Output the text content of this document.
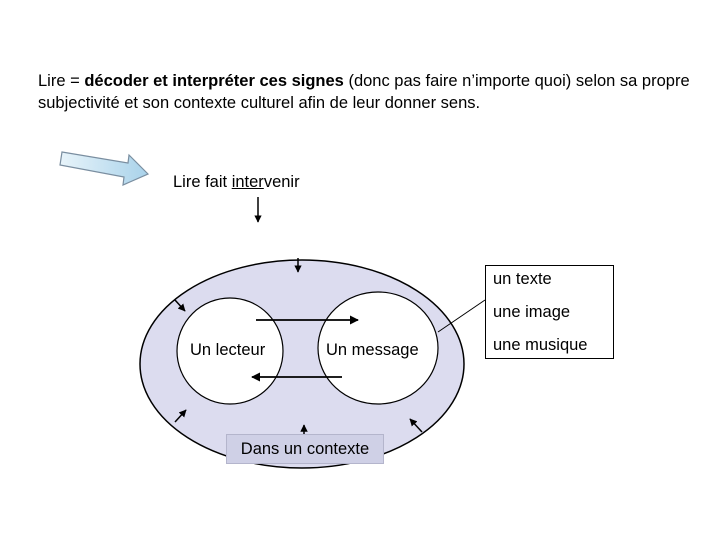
Lire = décoder et interpréter ces signes (donc pas faire n’importe quoi) selon sa propre subjectivité et son contexte culturel afin de leur donner sens.
Lire fait intervenir
Un lecteur	Un message
un texte
une image
une musique
Dans un contexte
